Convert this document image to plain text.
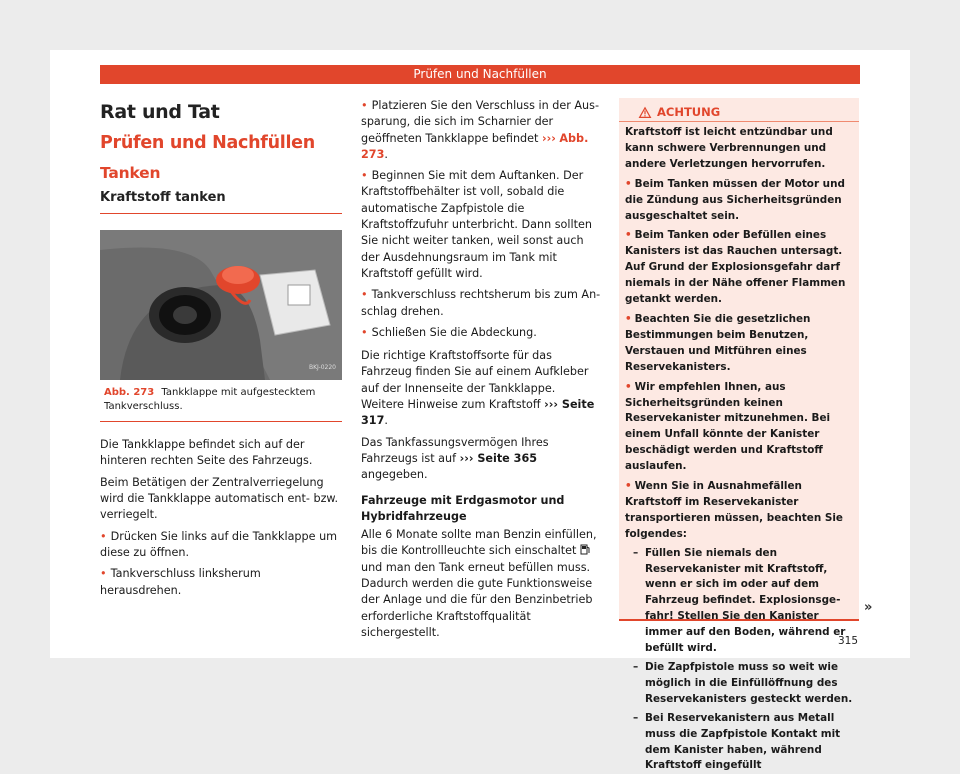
Prüfen und Nachfüllen
Rat und Tat
Prüfen und Nachfüllen
Tanken
Kraftstoff tanken
BKJ-0220
Abb. 273 Tankklappe mit aufgestecktem Tankverschluss.

Die Tankklappe befindet sich auf der hinteren rechten Seite des Fahrzeugs.

Beim Betätigen der Zentralverriegelung wird die Tankklappe automatisch ent- bzw. verriegelt.

• Drücken Sie links auf die Tankklappe um diese zu öffnen.
• Tankverschluss linksherum herausdrehen.
• Platzieren Sie den Verschluss in der Aussparung, die sich im Scharnier der geöffneten Tankklappe befindet ››› Abb. 273.
• Beginnen Sie mit dem Auftanken. Der Kraftstoffbehälter ist voll, sobald die automatische Zapfpistole die Kraftstoffzufuhr unterbricht. Dann sollten Sie nicht weiter tanken, weil sonst auch der Ausdehnungsraum im Tank mit Kraftstoff gefüllt wird.
• Tankverschluss rechtsherum bis zum Anschlag drehen.
• Schließen Sie die Abdeckung.

Die richtige Kraftstoffsorte für das Fahrzeug finden Sie auf einem Aufkleber auf der Innenseite der Tankklappe. Weitere Hinweise zum Kraftstoff ››› Seite 317.

Das Tankfassungsvermögen Ihres Fahrzeugs ist auf ››› Seite 365 angegeben.

Fahrzeuge mit Erdgasmotor und Hybridfahrzeuge

Alle 6 Monate sollte man Benzin einfüllen, bis die Kontrollleuchte sich einschaltet  und man den Tank erneut befüllen muss. Dadurch werden die gute Funktionsweise der Anlage und die für den Benzinbetrieb erforderliche Kraftstoffqualität sichergestellt.

ACHTUNG
Kraftstoff ist leicht entzündbar und kann schwere Verbrennungen und andere Verletzungen hervorrufen.
• Beim Tanken müssen der Motor und die Zündung aus Sicherheitsgründen ausgeschaltet sein.
• Beim Tanken oder Befüllen eines Kanisters ist das Rauchen untersagt. Auf Grund der Explosionsgefahr darf niemals in der Nähe offener Flammen getankt werden.
• Beachten Sie die gesetzlichen Bestimmungen beim Benutzen, Verstauen und Mitführen eines Reservekanisters.
• Wir empfehlen Ihnen, aus Sicherheitsgründen keinen Reservekanister mitzunehmen. Bei einem Unfall könnte der Kanister beschädigt werden und Kraftstoff auslaufen.
• Wenn Sie in Ausnahmefällen Kraftstoff im Reservekanister transportieren müssen, beachten Sie folgendes:
– Füllen Sie niemals den Reservekanister mit Kraftstoff, wenn er sich im oder auf dem Fahrzeug befindet. Explosionsgefahr! Stellen Sie den Kanister immer auf den Boden, während er befüllt wird.
– Die Zapfpistole muss so weit wie möglich in die Einfüllöffnung des Reservekanisters gesteckt werden.
– Bei Reservekanistern aus Metall muss die Zapfpistole Kontakt mit dem Kanister haben, während Kraftstoff eingefüllt
»
315
